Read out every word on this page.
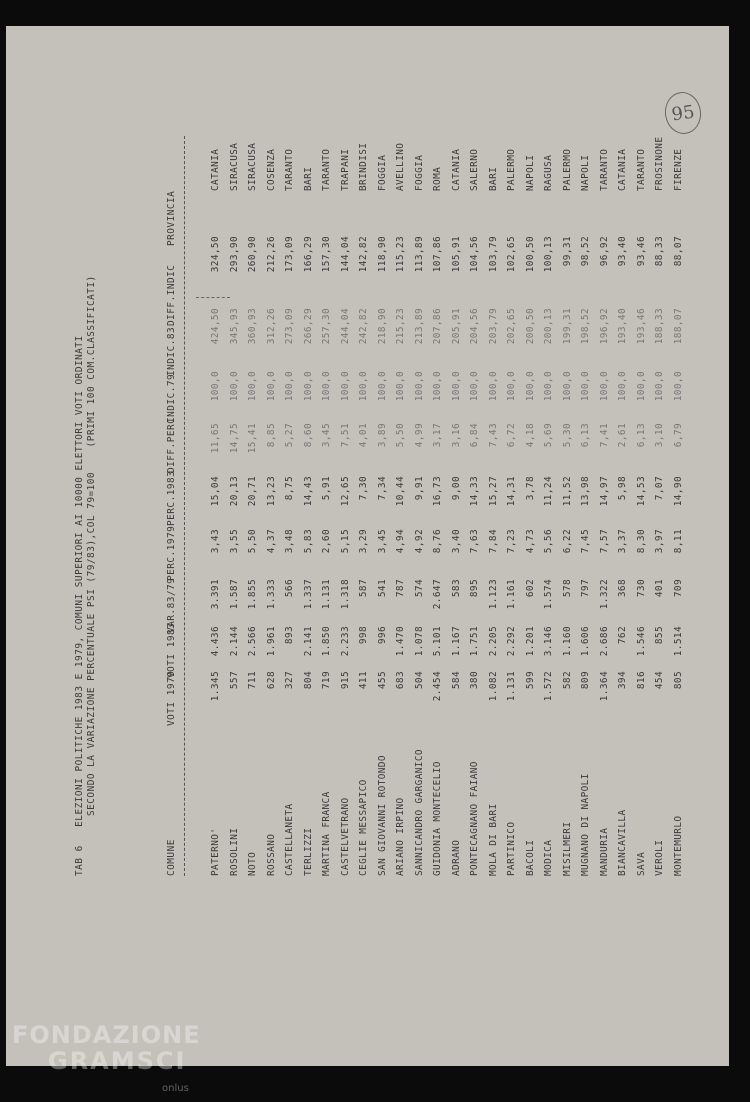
95
TAB 6   ELEZIONI POLITICHE 1983 E 1979, COMUNI SUPERIORI AI 10000 ELETTORI VOTI ORDINATI SECONDO LA VARIAZIONE PERCENTUALE PSI (79/83),COL 79=100    (PRIMI 100 COM.CLASSIFICATI)
COMUNE
VOTI 1979
VOTI 1983
VAR.83/79
PERC.1979
PERC.1983
DIFF.PERC
INDIC.79
INDIC.83
DIFF.INDIC
PROVINCIA
PATERNO'
1.345
4.436
3.391
3,43
15,04
11,65
100,0
424,50
324,50
CATANIA
ROSOLINI
557
2.144
1.587
3,55
20,13
14,75
100,0
345,93
293,90
SIRACUSA
NOTO
711
2.566
1.855
5,50
20,71
15,41
100,0
360,93
260,90
SIRACUSA
ROSSANO
628
1.961
1.333
4,37
13,23
8,85
100,0
312,26
212,26
COSENZA
CASTELLANETA
327
893
566
3,48
8,75
5,27
100,0
273,09
173,09
TARANTO
TERLIZZI
804
2.141
1.337
5,83
14,43
8,60
100,0
266,29
166,29
BARI
MARTINA FRANCA
719
1.850
1.131
2,60
5,91
3,45
100,0
257,30
157,30
TARANTO
CASTELVETRANO
915
2.233
1.318
5,15
12,65
7,51
100,0
244,04
144,04
TRAPANI
CEGLIE MESSAPICO
411
998
587
3,29
7,30
4,01
100,0
242,82
142,82
BRINDISI
SAN GIOVANNI ROTONDO
455
996
541
3,45
7,34
3,89
100,0
218,90
118,90
FOGGIA
ARIANO IRPINO
683
1.470
787
4,94
10,44
5,50
100,0
215,23
115,23
AVELLINO
SANNICANDRO GARGANICO
504
1.078
574
4,92
9,91
4,99
100,0
213,89
113,89
FOGGIA
GUIDONIA MONTECELIO
2.454
5.101
2.647
8,76
16,73
3,17
100,0
207,86
107,86
ROMA
ADRANO
584
1.167
583
3,40
9,00
3,16
100,0
205,91
105,91
CATANIA
PONTECAGNANO FAIANO
380
1.751
895
7,63
14,33
6,84
100,0
204,56
104,56
SALERNO
MOLA DI BARI
1.082
2.205
1.123
7,84
15,27
7,43
100,0
203,79
103,79
BARI
PARTINICO
1.131
2.292
1.161
7,23
14,31
6,72
100,0
202,65
102,65
PALERMO
BACOLI
599
1.201
602
4,73
3,78
4,18
100,0
200,50
100,50
NAPOLI
MODICA
1.572
3.146
1.574
5,56
11,24
5,69
100,0
200,13
100,13
RAGUSA
MISILMERI
582
1.160
578
6,22
11,52
5,30
100,0
199,31
99,31
PALERMO
MUGNANO DI NAPOLI
809
1.606
797
7,45
13,98
6,13
100,0
198,52
98,52
NAPOLI
MANDURIA
1.364
2.686
1.322
7,57
14,97
7,41
100,0
196,92
96,92
TARANTO
BIANCAVILLA
394
762
368
3,37
5,98
2,61
100,0
193,40
93,40
CATANIA
SAVA
816
1.546
730
8,30
14,53
6,13
100,0
193,46
93,46
TARANTO
VEROLI
454
855
401
3,97
7,07
3,10
100,0
188,33
88,33
FROSINONE
MONTEMURLO
805
1.514
709
8,11
14,90
6,79
100,0
188,07
88,07
FIRENZE
FONDAZIONE
GRAMSCI
onlus
